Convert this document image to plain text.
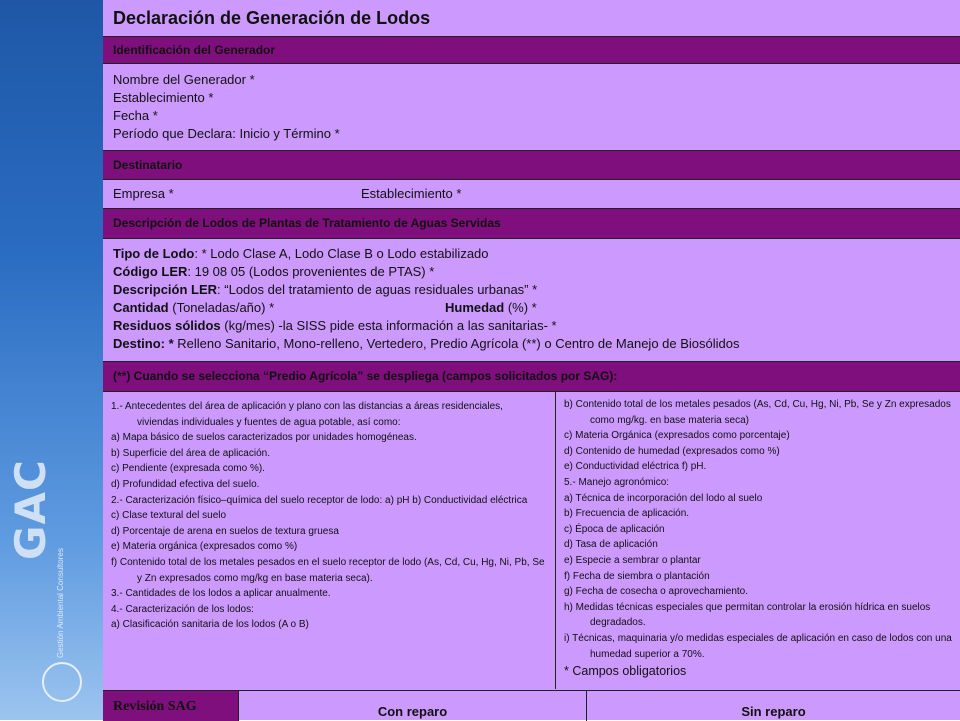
GAC
Gestión Ambiental Consultores
Declaración de Generación de Lodos
Identificación del Generador
Nombre del Generador *
Establecimiento *
Fecha *
Período que Declara: Inicio y Término *
Destinatario
Empresa *	Establecimiento *
Descripción de Lodos de Plantas de Tratamiento de Aguas Servidas
Tipo de Lodo: * Lodo Clase A, Lodo Clase B o Lodo estabilizado
Código LER: 19 08 05 (Lodos provenientes de PTAS) *
Descripción LER: “Lodos del tratamiento de aguas residuales urbanas” *
Cantidad (Toneladas/año) *	Humedad (%) *
Residuos sólidos (kg/mes) -la SISS pide esta información a las sanitarias- *
Destino: * Relleno Sanitario, Mono-relleno, Vertedero, Predio Agrícola (**) o Centro de Manejo de Biosólidos
(**) Cuando se selecciona “Predio Agrícola” se despliega (campos solicitados por SAG):

1.- Antecedentes del área de aplicación y plano con las distancias a áreas residenciales, viviendas individuales y fuentes de agua potable, así como:

a) Mapa básico de suelos caracterizados por unidades homogéneas.

b) Superficie del área de aplicación.

c) Pendiente (expresada como %).

d) Profundidad efectiva del suelo.

2.- Caracterización físico–química del suelo receptor de lodo: a) pH b) Conductividad eléctrica

c) Clase textural del suelo

d) Porcentaje de arena en suelos de textura gruesa

e) Materia orgánica (expresados como %)

f) Contenido total de los metales pesados en el suelo receptor de lodo (As, Cd, Cu, Hg, Ni, Pb, Se y Zn expresados como mg/kg en base materia seca).

3.- Cantidades de los lodos a aplicar anualmente.

4.- Caracterización de los lodos:

a) Clasificación sanitaria de los lodos (A o B)

b) Contenido total de los metales pesados (As, Cd, Cu, Hg, Ni, Pb, Se y Zn expresados como mg/kg. en base materia seca)

c) Materia Orgánica (expresados como porcentaje)

d) Contenido de humedad (expresados como %)

e) Conductividad eléctrica f) pH.

5.- Manejo agronómico:

a) Técnica de incorporación del lodo al suelo

b) Frecuencia de aplicación.

c) Época de aplicación

d) Tasa de aplicación

e) Especie a sembrar o plantar

f) Fecha de siembra o plantación

g) Fecha de cosecha o aprovechamiento.

h) Medidas técnicas especiales que permitan controlar la erosión hídrica en suelos degradados.

i) Técnicas, maquinaria y/o medidas especiales de aplicación en caso de lodos con una humedad superior a 70%.

* Campos obligatorios

Revisión SAG	Con reparo	Sin reparo
